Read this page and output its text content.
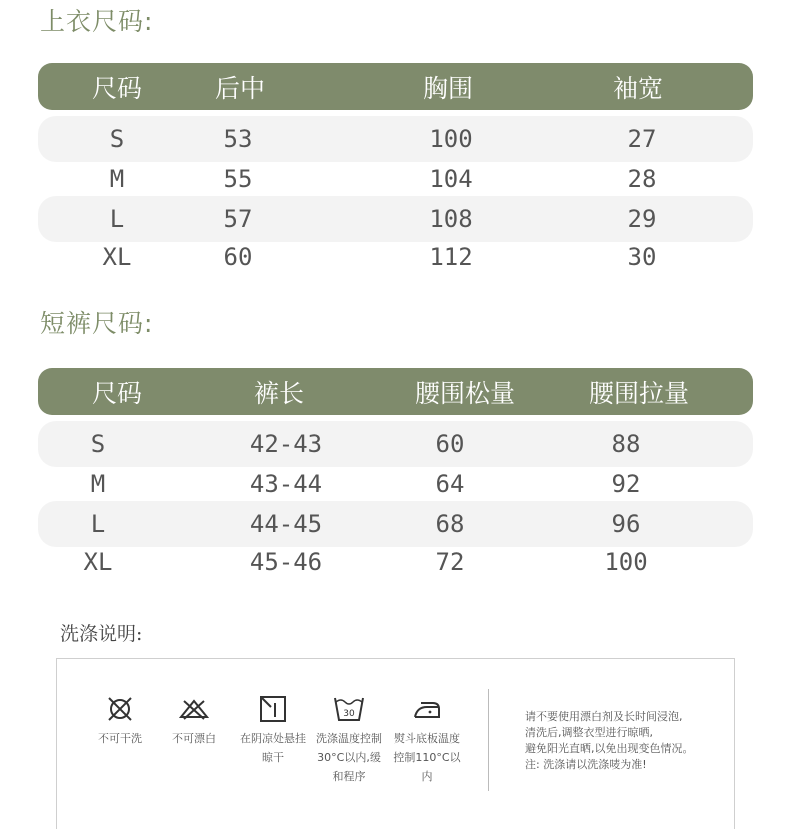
上衣尺码:
尺码	后中	胸围	袖宽
S	53	100	27
M	55	104	28
L	57	108	29
XL	60	112	30
短裤尺码:
尺码	裤长	腰围松量	腰围拉量
S	42-43	60	88
M	43-44	64	92
L	44-45	68	96
XL	45-46	72	100
洗涤说明:
不可干洗	不可漂白	在阴凉处悬挂
晾干
30
洗涤温度控制
30°C以内,缓
和程序
熨斗底板温度
控制110°C以
内
请不要使用漂白剂及长时间浸泡,
清洗后,调整衣型进行晾晒,
避免阳光直晒,以免出现变色情况。
注: 洗涤请以洗涤唛为准!
